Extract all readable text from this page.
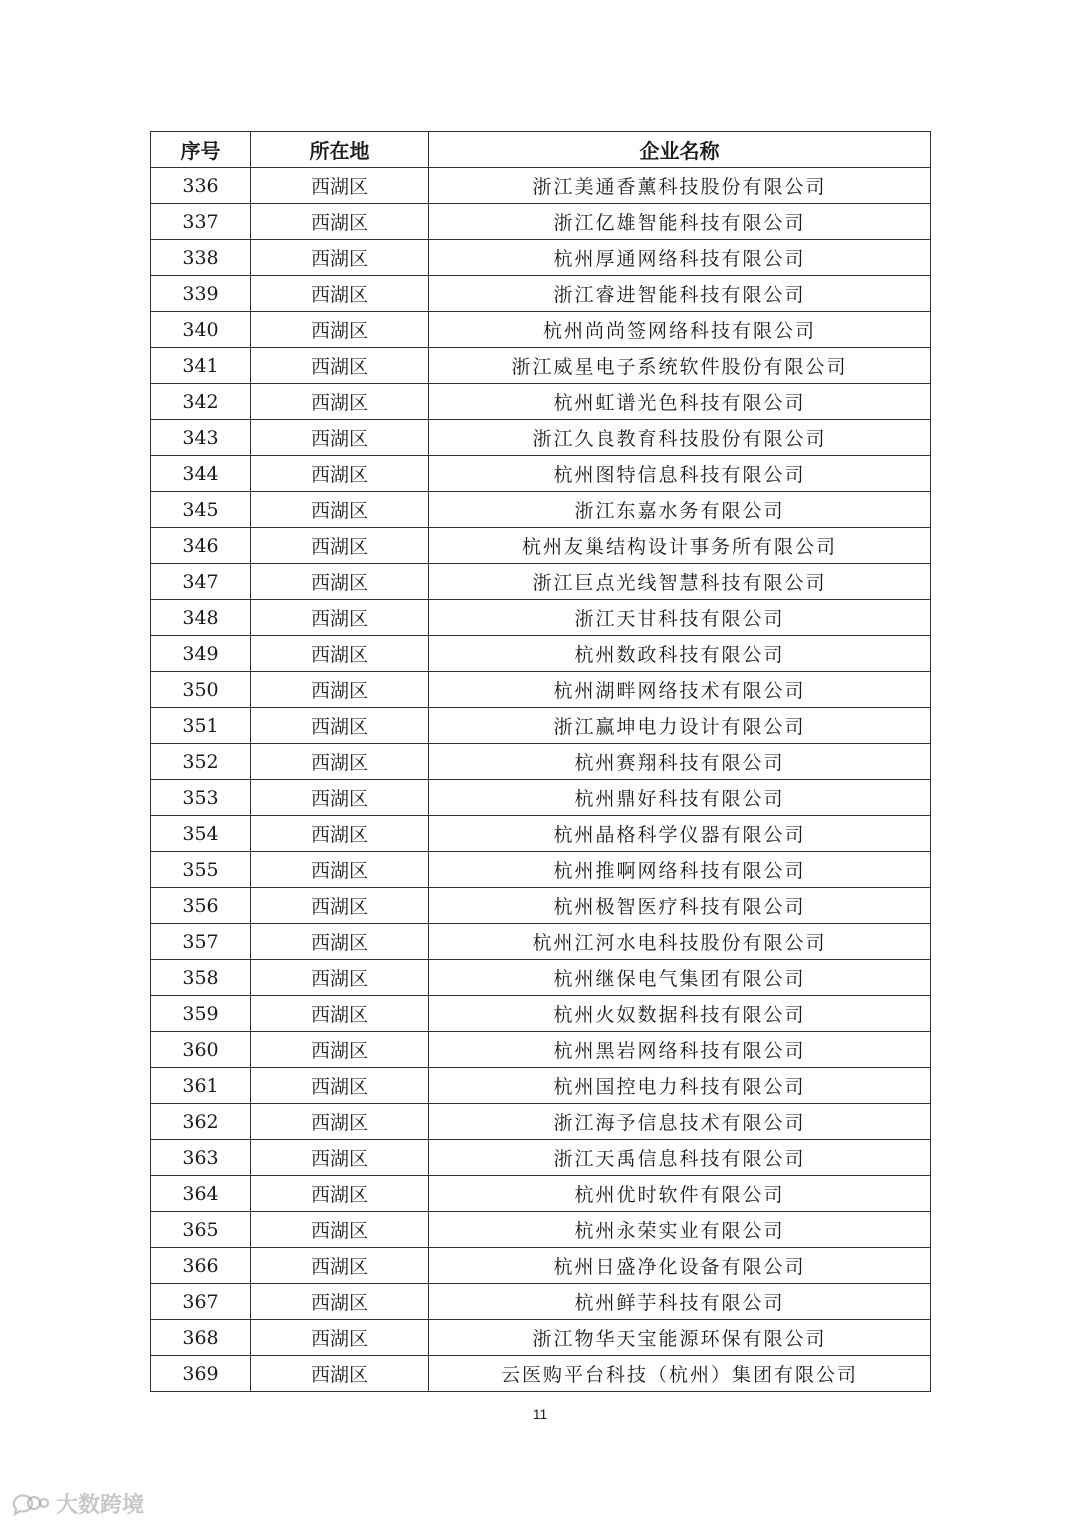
序号	所在地	企业名称
336	西湖区	浙江美通香薰科技股份有限公司
337	西湖区	浙江亿雄智能科技有限公司
338	西湖区	杭州厚通网络科技有限公司
339	西湖区	浙江睿进智能科技有限公司
340	西湖区	杭州尚尚签网络科技有限公司
341	西湖区	浙江威星电子系统软件股份有限公司
342	西湖区	杭州虹谱光色科技有限公司
343	西湖区	浙江久良教育科技股份有限公司
344	西湖区	杭州图特信息科技有限公司
345	西湖区	浙江东嘉水务有限公司
346	西湖区	杭州友巢结构设计事务所有限公司
347	西湖区	浙江巨点光线智慧科技有限公司
348	西湖区	浙江天甘科技有限公司
349	西湖区	杭州数政科技有限公司
350	西湖区	杭州湖畔网络技术有限公司
351	西湖区	浙江赢坤电力设计有限公司
352	西湖区	杭州赛翔科技有限公司
353	西湖区	杭州鼎好科技有限公司
354	西湖区	杭州晶格科学仪器有限公司
355	西湖区	杭州推啊网络科技有限公司
356	西湖区	杭州极智医疗科技有限公司
357	西湖区	杭州江河水电科技股份有限公司
358	西湖区	杭州继保电气集团有限公司
359	西湖区	杭州火奴数据科技有限公司
360	西湖区	杭州黑岩网络科技有限公司
361	西湖区	杭州国控电力科技有限公司
362	西湖区	浙江海予信息技术有限公司
363	西湖区	浙江天禹信息科技有限公司
364	西湖区	杭州优时软件有限公司
365	西湖区	杭州永荣实业有限公司
366	西湖区	杭州日盛净化设备有限公司
367	西湖区	杭州鲜芋科技有限公司
368	西湖区	浙江物华天宝能源环保有限公司
369	西湖区	云医购平台科技（杭州）集团有限公司
11
大数跨境
